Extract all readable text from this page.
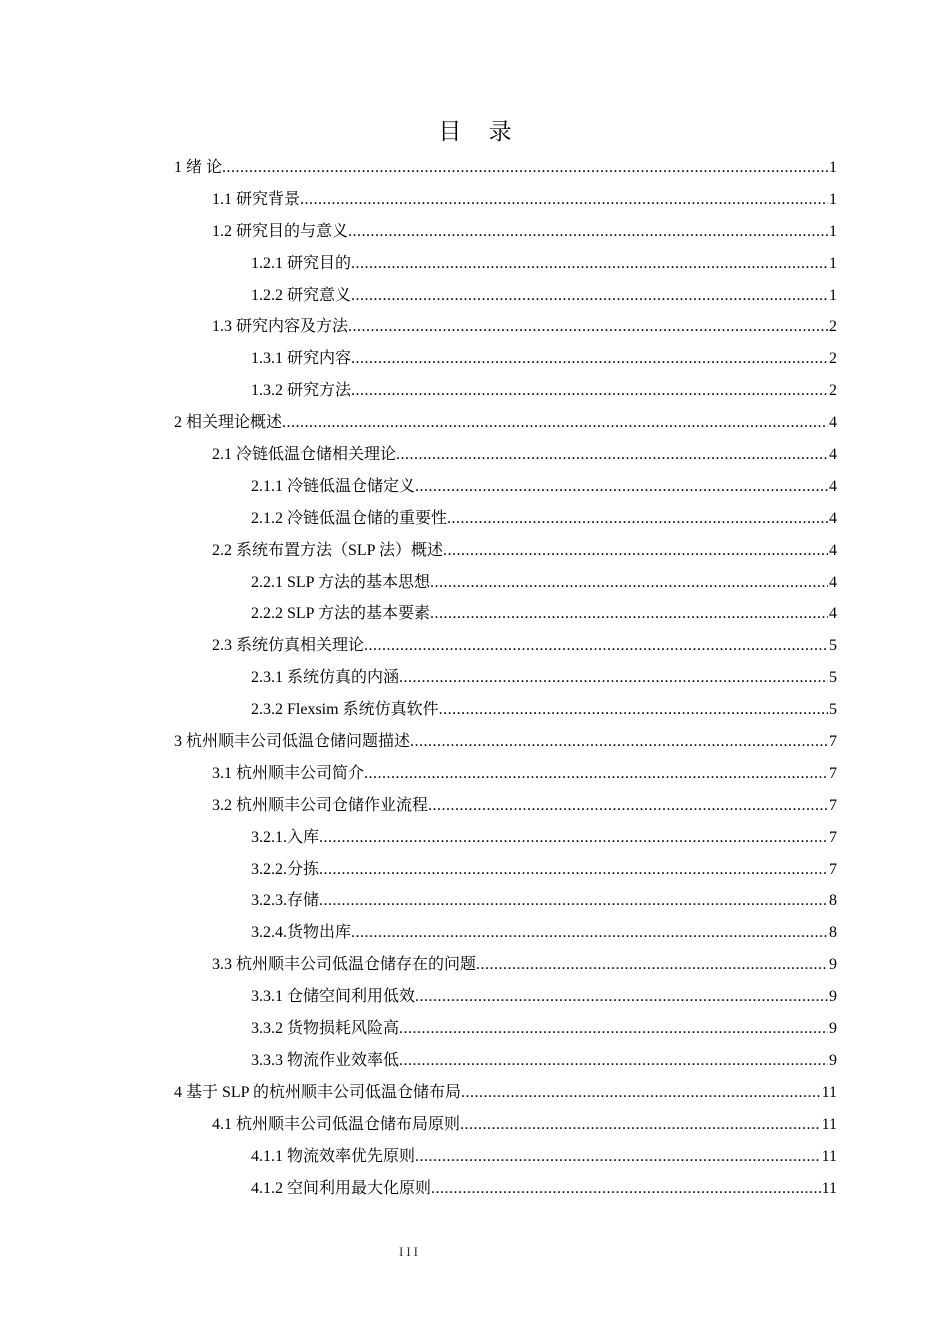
目 录
1 绪 论 .....	1
1.1 研究背景 .....	1
1.2 研究目的与意义 .....	1
1.2.1 研究目的 .....	1
1.2.2 研究意义 .....	1
1.3 研究内容及方法 .....	2
1.3.1 研究内容 .....	2
1.3.2 研究方法 .....	2
2 相关理论概述 .....	4
2.1 冷链低温仓储相关理论 .....	4
2.1.1 冷链低温仓储定义 .....	4
2.1.2 冷链低温仓储的重要性 .....	4
2.2 系统布置方法（SLP 法）概述 .....	4
2.2.1 SLP 方法的基本思想 .....	4
2.2.2 SLP 方法的基本要素 .....	4
2.3 系统仿真相关理论 .....	5
2.3.1 系统仿真的内涵 .....	5
2.3.2 Flexsim 系统仿真软件 .....	5
3 杭州顺丰公司低温仓储问题描述 .....	7
3.1 杭州顺丰公司简介 .....	7
3.2 杭州顺丰公司仓储作业流程 .....	7
3.2.1.入库 .....	7
3.2.2.分拣 .....	7
3.2.3.存储 .....	8
3.2.4.货物出库 .....	8
3.3 杭州顺丰公司低温仓储存在的问题 .....	9
3.3.1 仓储空间利用低效 .....	9
3.3.2 货物损耗风险高 .....	9
3.3.3 物流作业效率低 .....	9
4 基于 SLP 的杭州顺丰公司低温仓储布局 .....	11
4.1 杭州顺丰公司低温仓储布局原则 .....	11
4.1.1 物流效率优先原则 .....	11
4.1.2 空间利用最大化原则 .....	11
III
